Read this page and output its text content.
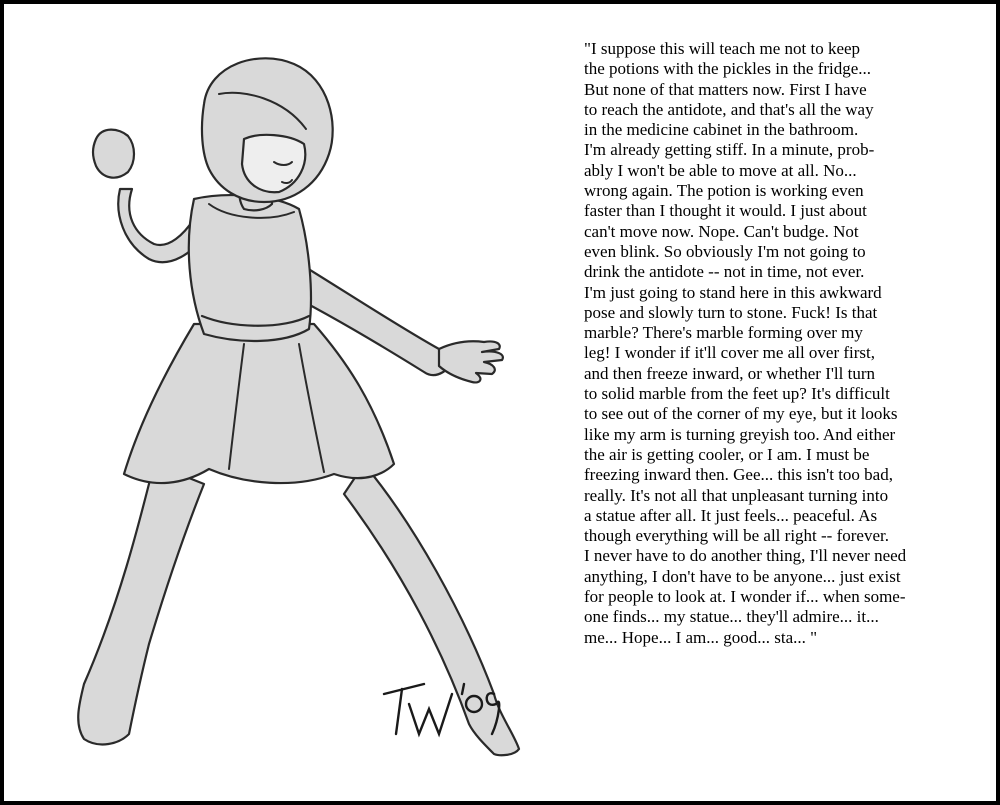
"I suppose this will teach me not to keep
the potions with the pickles in the fridge...
But none of that matters now. First I have
to reach the antidote, and that's all the way
in the medicine cabinet in the bathroom.
I'm already getting stiff. In a minute, prob-
ably I won't be able to move at all. No...
wrong again. The potion is working even
faster than I thought it would. I just about
can't move now. Nope. Can't budge. Not
even blink. So obviously I'm not going to
drink the antidote -- not in time, not ever.
I'm just going to stand here in this awkward
pose and slowly turn to stone. Fuck! Is that
marble? There's marble forming over my
leg! I wonder if it'll cover me all over first,
and then freeze inward, or whether I'll turn
to solid marble from the feet up? It's difficult
to see out of the corner of my eye, but it looks
like my arm is turning greyish too. And either
the air is getting cooler, or I am. I must be
freezing inward then. Gee... this isn't too bad,
really. It's not all that unpleasant turning into
a statue after all. It just feels... peaceful. As
though everything will be all right -- forever.
I never have to do another thing, I'll never need
anything, I don't have to be anyone... just exist
for people to look at. I wonder if... when some-
one finds... my statue... they'll admire... it...
me... Hope... I am... good... sta... "
